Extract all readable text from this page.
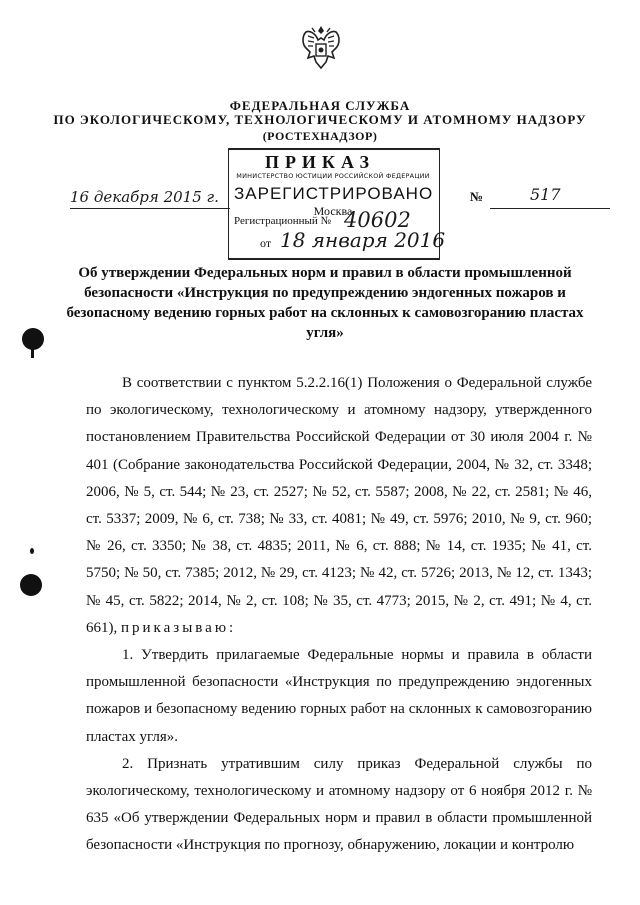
ФЕДЕРАЛЬНАЯ СЛУЖБА
ПО ЭКОЛОГИЧЕСКОМУ, ТЕХНОЛОГИЧЕСКОМУ И АТОМНОМУ НАДЗОРУ
(РОСТЕХНАДЗОР)
ПРИКАЗ
МИНИСТЕРСТВО ЮСТИЦИИ РОССИЙСКОЙ ФЕДЕРАЦИИ
ЗАРЕГИСТРИРОВАНО
Москва
Регистрационный № 40602
от 18 января 2016
16 декабря 2015 г.	№	517
Об утверждении Федеральных норм и правил в области промышленной безопасности «Инструкция по предупреждению эндогенных пожаров и безопасному ведению горных работ на склонных к самовозгоранию пластах угля»

В соответствии с пунктом 5.2.2.16(1) Положения о Федеральной службе по экологическому, технологическому и атомному надзору, утвержденного постановлением Правительства Российской Федерации от 30 июля 2004 г. № 401 (Собрание законодательства Российской Федерации, 2004, № 32, ст. 3348; 2006, № 5, ст. 544; № 23, ст. 2527; № 52, ст. 5587; 2008, № 22, ст. 2581; № 46, ст. 5337; 2009, № 6, ст. 738; № 33, ст. 4081; № 49, ст. 5976; 2010, № 9, ст. 960; № 26, ст. 3350; № 38, ст. 4835; 2011, № 6, ст. 888; № 14, ст. 1935; № 41, ст. 5750; № 50, ст. 7385; 2012, № 29, ст. 4123; № 42, ст. 5726; 2013, № 12, ст. 1343; № 45, ст. 5822; 2014, № 2, ст. 108; № 35, ст. 4773; 2015, № 2, ст. 491; № 4, ст. 661), приказываю:

1. Утвердить прилагаемые Федеральные нормы и правила в области промышленной безопасности «Инструкция по предупреждению эндогенных пожаров и безопасному ведению горных работ на склонных к самовозгоранию пластах угля».

2. Признать утратившим силу приказ Федеральной службы по экологическому, технологическому и атомному надзору от 6 ноября 2012 г. № 635 «Об утверждении Федеральных норм и правил в области промышленной безопасности «Инструкция по прогнозу, обнаружению, локации и контролю
